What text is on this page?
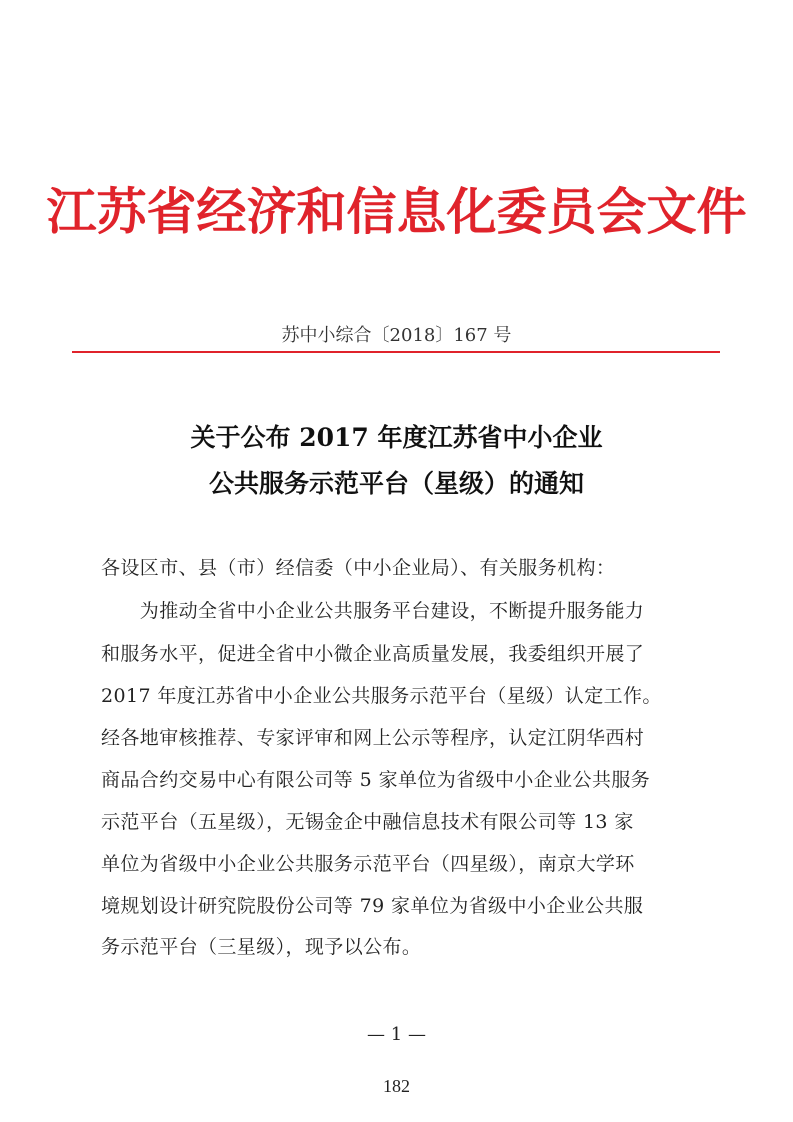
江苏省经济和信息化委员会文件
苏中小综合〔2018〕167 号
关于公布 2017 年度江苏省中小企业
公共服务示范平台（星级）的通知
各设区市、县（市）经信委（中小企业局）、有关服务机构：
　　为推动全省中小企业公共服务平台建设，不断提升服务能力
和服务水平，促进全省中小微企业高质量发展，我委组织开展了
2017 年度江苏省中小企业公共服务示范平台（星级）认定工作。
经各地审核推荐、专家评审和网上公示等程序，认定江阴华西村
商品合约交易中心有限公司等 5 家单位为省级中小企业公共服务
示范平台（五星级），无锡金企中融信息技术有限公司等 13 家
单位为省级中小企业公共服务示范平台（四星级），南京大学环
境规划设计研究院股份公司等 79 家单位为省级中小企业公共服
务示范平台（三星级），现予以公布。
— 1 —
182
